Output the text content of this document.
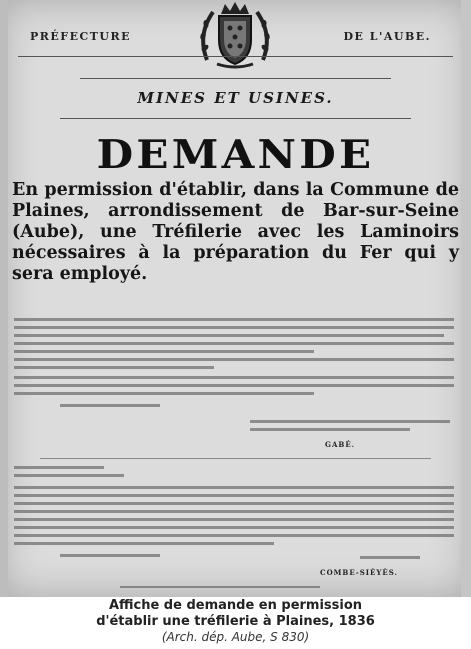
PRÉFECTURE	DE L'AUBE.
MINES ET USINES.
DEMANDE
En permission d'établir, dans la Commune de Plaines, arrondissement de Bar-sur-Seine (Aube), une Tréfilerie avec les Laminoirs nécessaires à la préparation du Fer qui y sera employé.
GABÉ.
COMBE-SIÉYÈS.
Affiche de demande en permission
d'établir une tréfilerie à Plaines, 1836
(Arch. dép. Aube, S 830)
